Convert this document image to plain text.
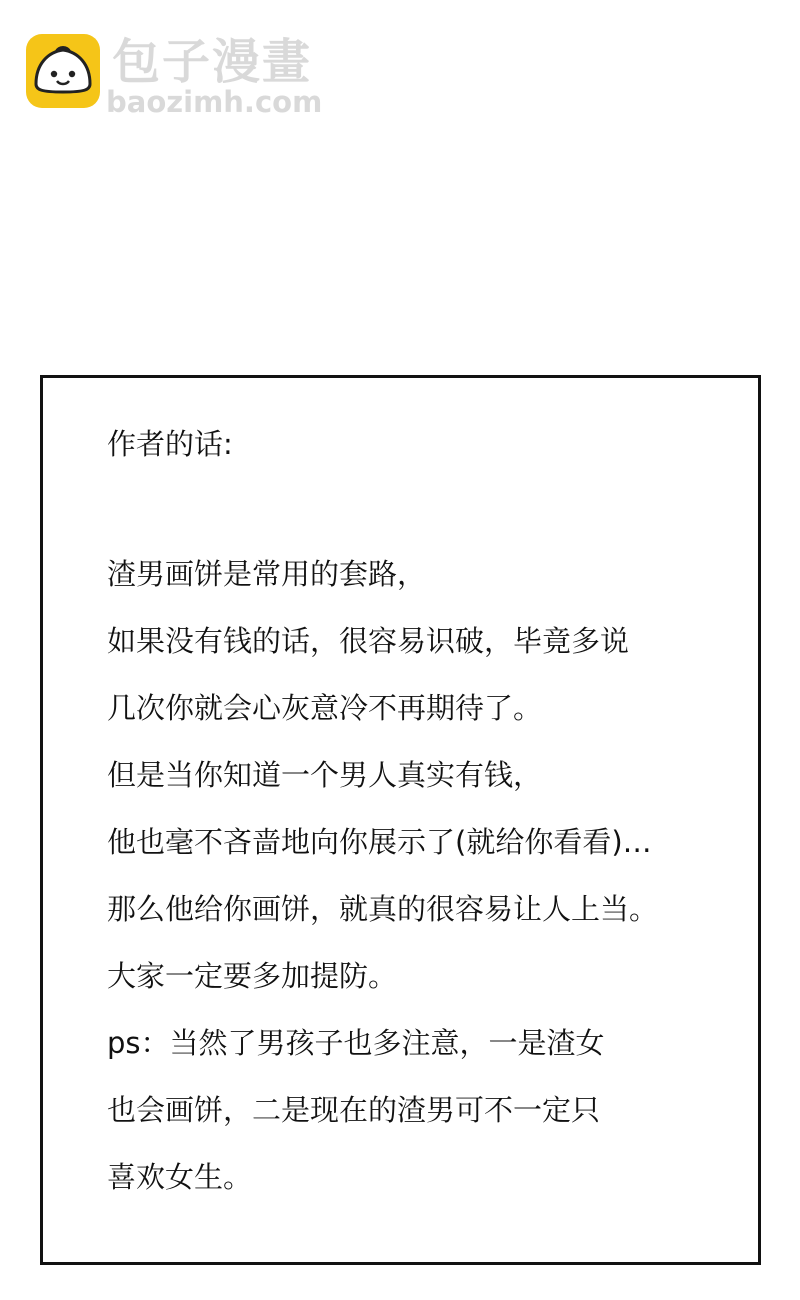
包子漫畫
baozimh.com
作者的话:
渣男画饼是常用的套路，
如果没有钱的话，很容易识破，毕竟多说
几次你就会心灰意冷不再期待了。
但是当你知道一个男人真实有钱，
他也毫不吝啬地向你展示了(就给你看看)…
那么他给你画饼，就真的很容易让人上当。
大家一定要多加提防。
ps：当然了男孩子也多注意，一是渣女
也会画饼，二是现在的渣男可不一定只
喜欢女生。
